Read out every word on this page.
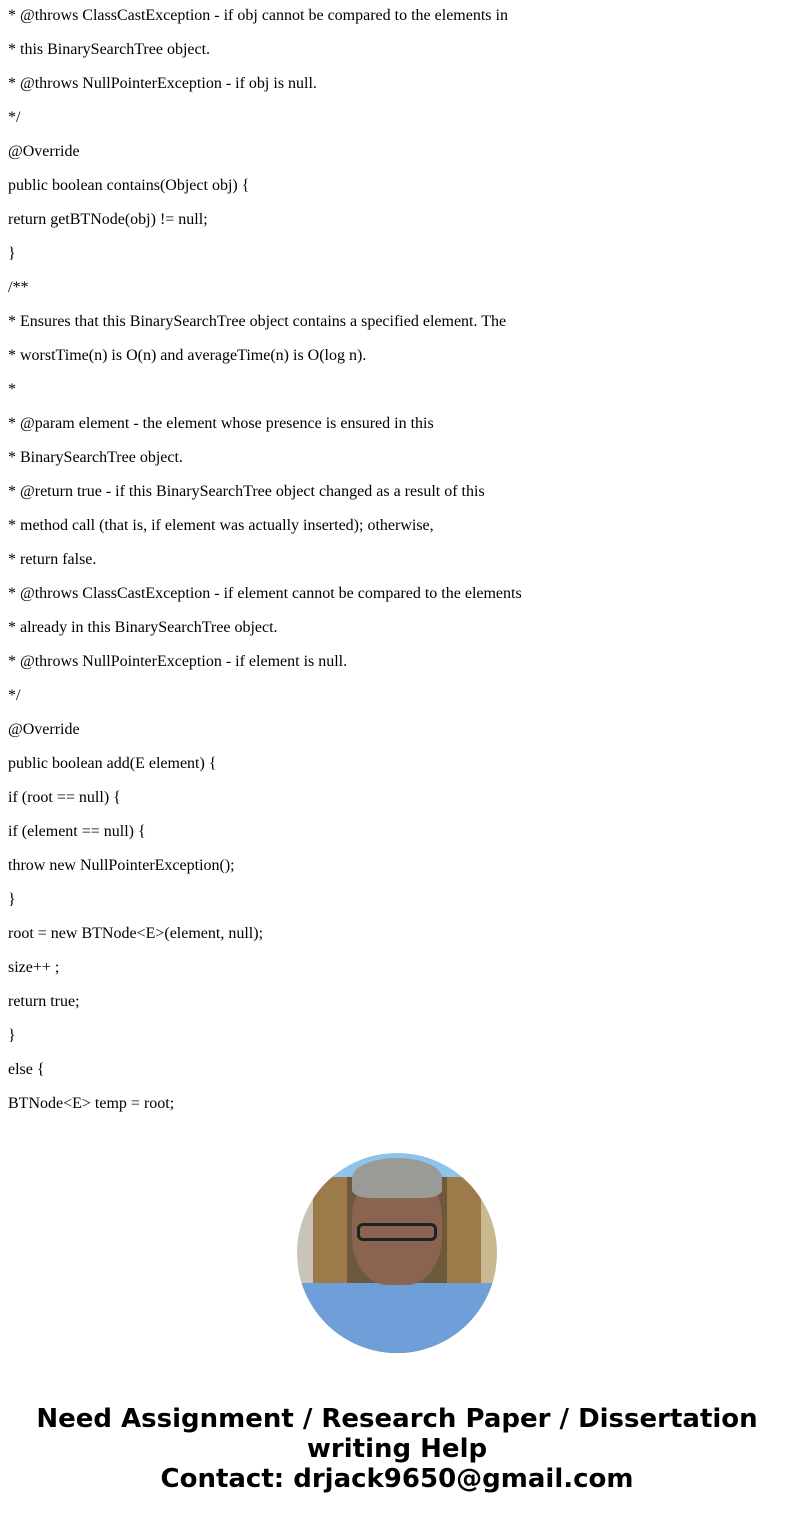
* @throws ClassCastException - if obj cannot be compared to the elements in
* this BinarySearchTree object.
* @throws NullPointerException - if obj is null.
*/
@Override
public boolean contains(Object obj) {
return getBTNode(obj) != null;
}
/**
* Ensures that this BinarySearchTree object contains a specified element. The
* worstTime(n) is O(n) and averageTime(n) is O(log n).
*
* @param element - the element whose presence is ensured in this
* BinarySearchTree object.
* @return true - if this BinarySearchTree object changed as a result of this
* method call (that is, if element was actually inserted); otherwise,
* return false.
* @throws ClassCastException - if element cannot be compared to the elements
* already in this BinarySearchTree object.
* @throws NullPointerException - if element is null.
*/
@Override
public boolean add(E element) {
if (root == null) {
if (element == null) {
throw new NullPointerException();
}
root = new BTNode<E>(element, null);
size++ ;
return true;
}
else {
BTNode<E> temp = root;
Need Assignment / Research Paper / Dissertation
writing Help
Contact: drjack9650@gmail.com
